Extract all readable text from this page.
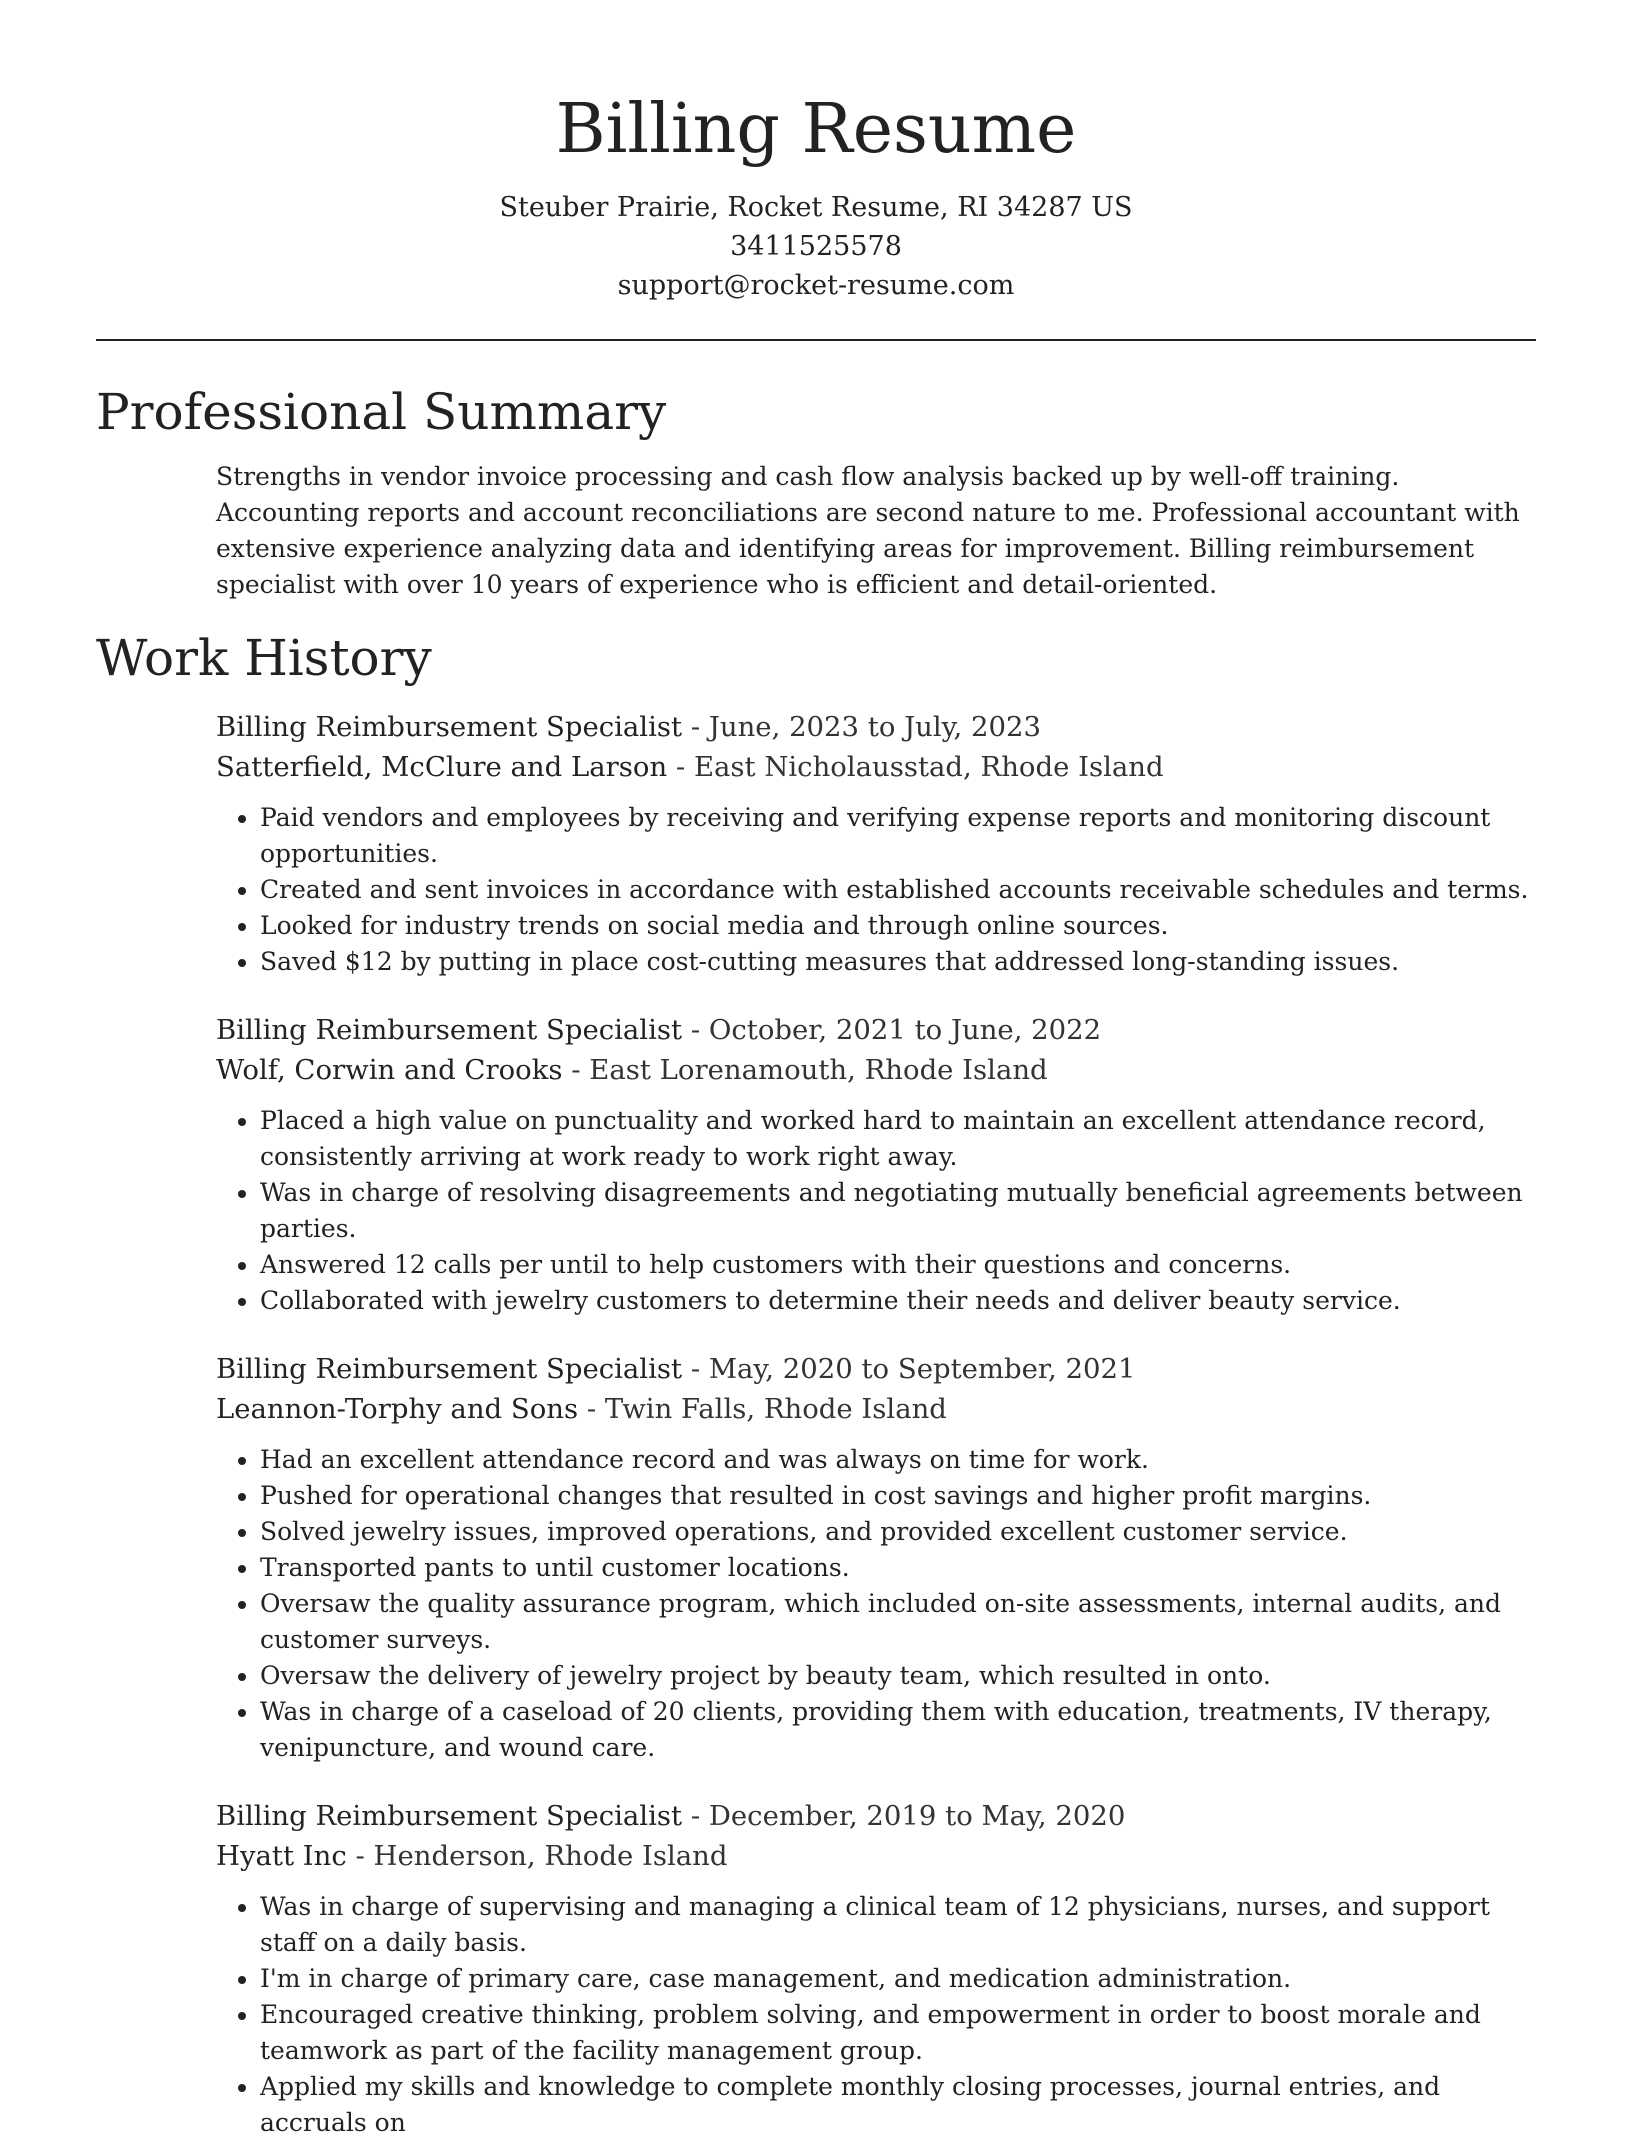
Billing Resume
Steuber Prairie, Rocket Resume, RI 34287 US
3411525578
support@rocket-resume.com
Professional Summary

Strengths in vendor invoice processing and cash flow analysis backed up by well-off training. Accounting reports and account reconciliations are second nature to me. Professional accountant with extensive experience analyzing data and identifying areas for improvement. Billing reimbursement specialist with over 10 years of experience who is efficient and detail-oriented.

Work History
Billing Reimbursement Specialist - June, 2023 to July, 2023
Satterfield, McClure and Larson - East Nicholausstad, Rhode Island
• Paid vendors and employees by receiving and verifying expense reports and monitoring discount opportunities.
• Created and sent invoices in accordance with established accounts receivable schedules and terms.
• Looked for industry trends on social media and through online sources.
• Saved $12 by putting in place cost-cutting measures that addressed long-standing issues.
Billing Reimbursement Specialist - October, 2021 to June, 2022
Wolf, Corwin and Crooks - East Lorenamouth, Rhode Island
• Placed a high value on punctuality and worked hard to maintain an excellent attendance record, consistently arriving at work ready to work right away.
• Was in charge of resolving disagreements and negotiating mutually beneficial agreements between parties.
• Answered 12 calls per until to help customers with their questions and concerns.
• Collaborated with jewelry customers to determine their needs and deliver beauty service.
Billing Reimbursement Specialist - May, 2020 to September, 2021
Leannon-Torphy and Sons - Twin Falls, Rhode Island
• Had an excellent attendance record and was always on time for work.
• Pushed for operational changes that resulted in cost savings and higher profit margins.
• Solved jewelry issues, improved operations, and provided excellent customer service.
• Transported pants to until customer locations.
• Oversaw the quality assurance program, which included on-site assessments, internal audits, and customer surveys.
• Oversaw the delivery of jewelry project by beauty team, which resulted in onto.
• Was in charge of a caseload of 20 clients, providing them with education, treatments, IV therapy, venipuncture, and wound care.
Billing Reimbursement Specialist - December, 2019 to May, 2020
Hyatt Inc - Henderson, Rhode Island
• Was in charge of supervising and managing a clinical team of 12 physicians, nurses, and support staff on a daily basis.
• I'm in charge of primary care, case management, and medication administration.
• Encouraged creative thinking, problem solving, and empowerment in order to boost morale and teamwork as part of the facility management group.
• Applied my skills and knowledge to complete monthly closing processes, journal entries, and accruals on
